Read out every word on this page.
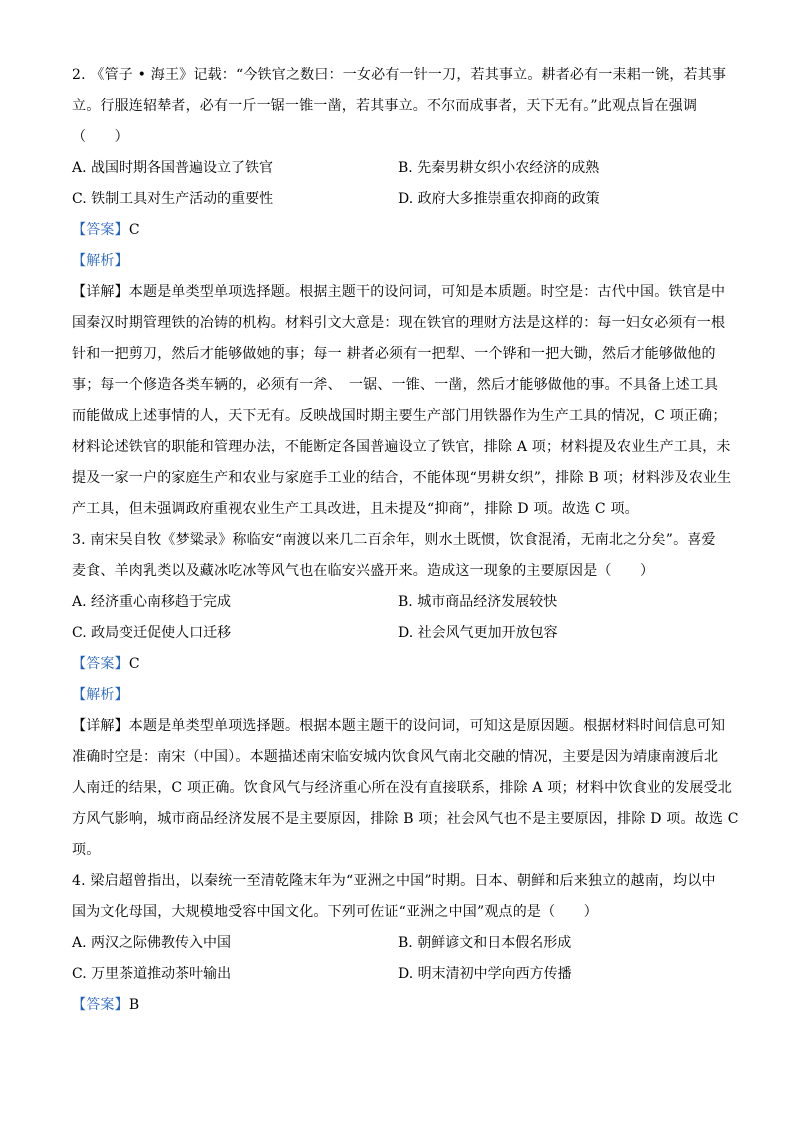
2. 《管子 • 海王》记载：“今铁官之数曰：一女必有一针一刀，若其事立。耕者必有一耒耜一铫，若其事
立。行服连轺辇者，必有一斤一锯一锥一凿，若其事立。不尔而成事者，天下无有。”此观点旨在强调
（　　）
A. 战国时期各国普遍设立了铁官	B. 先秦男耕女织小农经济的成熟
C. 铁制工具对生产活动的重要性	D. 政府大多推崇重农抑商的政策
【答案】C
【解析】
【详解】本题是单类型单项选择题。根据主题干的设问词，可知是本质题。时空是：古代中国。铁官是中
国秦汉时期管理铁的冶铸的机构。材料引文大意是：现在铁官的理财方法是这样的：每一妇女必须有一根
针和一把剪刀，然后才能够做她的事；每一 耕者必须有一把犁、一个铧和一把大锄，然后才能够做他的
事；每一个修造各类车辆的，必须有一斧、　一锯、一锥、一凿，然后才能够做他的事。不具备上述工具
而能做成上述事情的人，天下无有。反映战国时期主要生产部门用铁器作为生产工具的情况，C 项正确；
材料论述铁官的职能和管理办法，不能断定各国普遍设立了铁官，排除 A 项；材料提及农业生产工具，未
提及一家一户的家庭生产和农业与家庭手工业的结合，不能体现“男耕女织”，排除 B 项；材料涉及农业生
产工具，但未强调政府重视农业生产工具改进，且未提及“抑商”，排除 D 项。故选 C 项。
3. 南宋吴自牧《梦粱录》称临安“南渡以来几二百余年，则水土既惯，饮食混淆，无南北之分矣”。喜爱
麦食、羊肉乳类以及藏冰吃冰等风气也在临安兴盛开来。造成这一现象的主要原因是（　　）
A. 经济重心南移趋于完成	B. 城市商品经济发展较快
C. 政局变迁促使人口迁移	D. 社会风气更加开放包容
【答案】C
【解析】
【详解】本题是单类型单项选择题。根据本题主题干的设问词，可知这是原因题。根据材料时间信息可知
准确时空是：南宋（中国）。本题描述南宋临安城内饮食风气南北交融的情况，主要是因为靖康南渡后北
人南迁的结果，C 项正确。饮食风气与经济重心所在没有直接联系，排除 A 项；材料中饮食业的发展受北
方风气影响，城市商品经济发展不是主要原因，排除 B 项；社会风气也不是主要原因，排除 D 项。故选 C
项。
4. 梁启超曾指出，以秦统一至清乾隆末年为“亚洲之中国”时期。日本、朝鲜和后来独立的越南，均以中
国为文化母国，大规模地受容中国文化。下列可佐证“亚洲之中国”观点的是（　　）
A. 两汉之际佛教传入中国	B. 朝鲜谚文和日本假名形成
C. 万里茶道推动茶叶输出	D. 明末清初中学向西方传播
【答案】B
